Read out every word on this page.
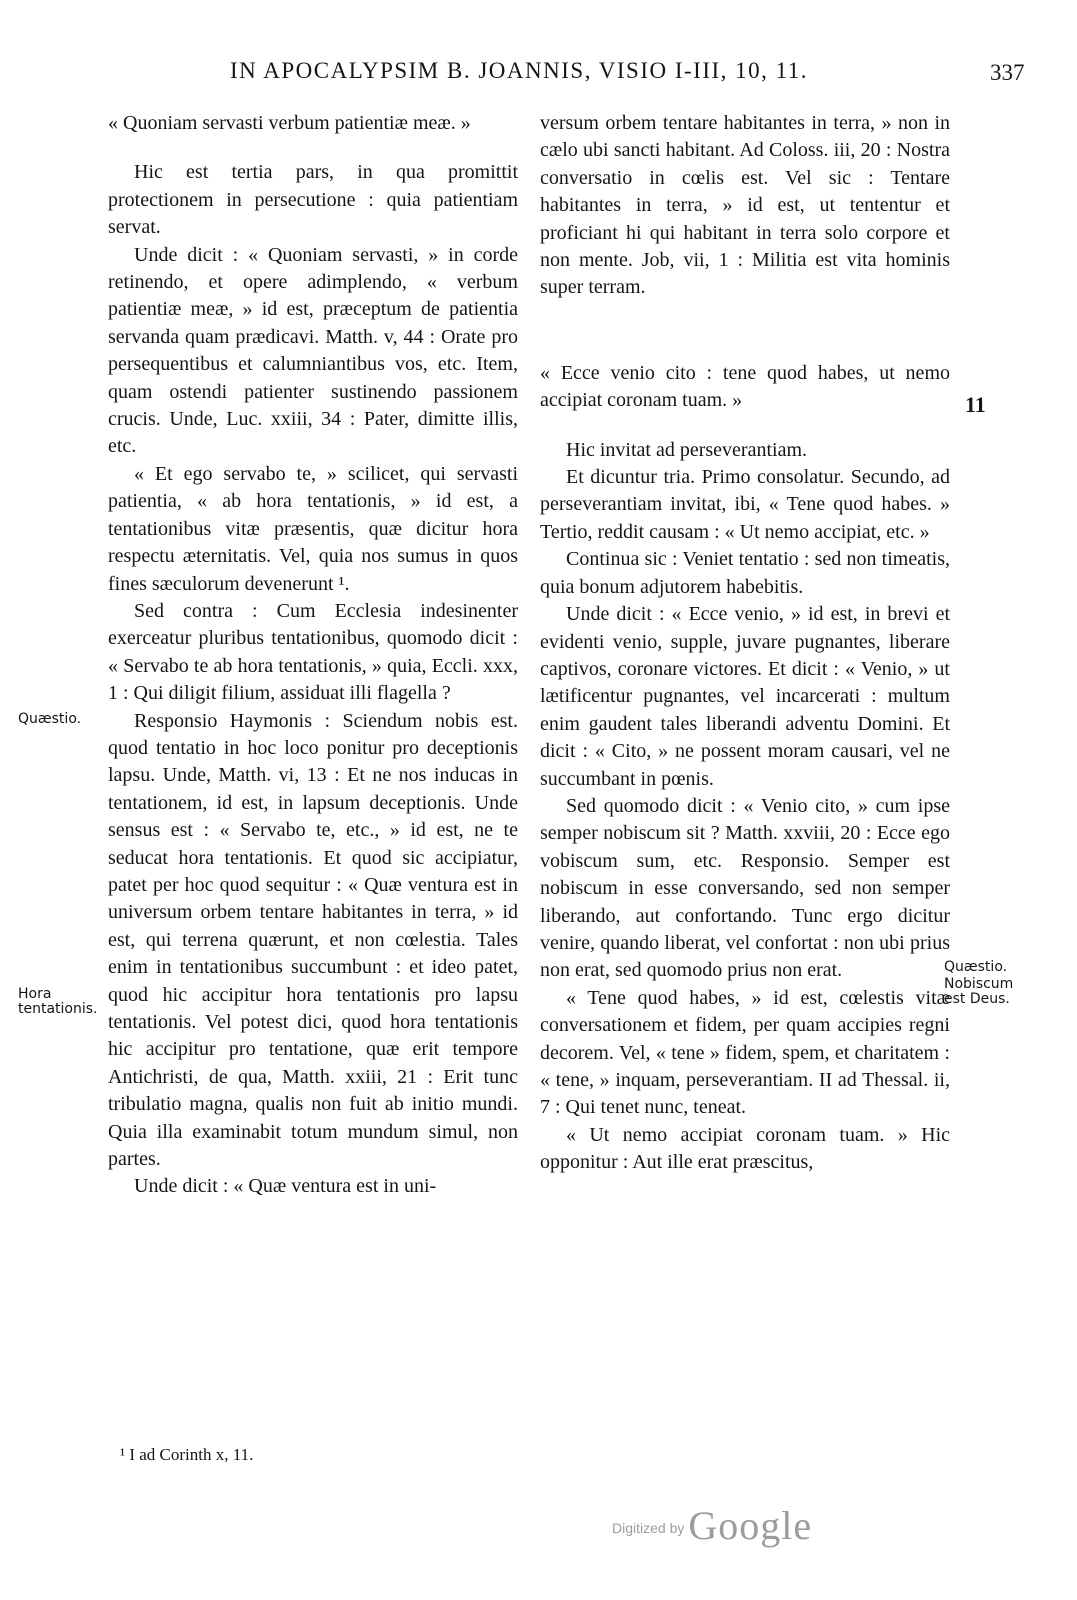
IN APOCALYPSIM B. JOANNIS, VISIO I-III, 10, 11.	337

« Quoniam servasti verbum patientiæ meæ. »

Hic est tertia pars, in qua promittit protectionem in persecutione : quia patientiam servat.

Unde dicit : « Quoniam servasti, » in corde retinendo, et opere adimplendo, « verbum patientiæ meæ, » id est, præceptum de patientia servanda quam prædicavi. Matth. v, 44 : Orate pro persequentibus et calumniantibus vos, etc. Item, quam ostendi patienter sustinendo passionem crucis. Unde, Luc. xxiii, 34 : Pater, dimitte illis, etc.

« Et ego servabo te, » scilicet, qui servasti patientia, « ab hora tentationis, » id est, a tentationibus vitæ præsentis, quæ dicitur hora respectu æternitatis. Vel, quia nos sumus in quos fines sæculorum devenerunt ¹.

Sed contra : Cum Ecclesia indesinenter exerceatur pluribus tentationibus, quomodo dicit : « Servabo te ab hora tentationis, » quia, Eccli. xxx, 1 : Qui diligit filium, assiduat illi flagella ?

Responsio Haymonis : Sciendum nobis est. quod tentatio in hoc loco ponitur pro deceptionis lapsu. Unde, Matth. vi, 13 : Et ne nos inducas in tentationem, id est, in lapsum deceptionis. Unde sensus est : « Servabo te, etc., » id est, ne te seducat hora tentationis. Et quod sic accipiatur, patet per hoc quod sequitur : « Quæ ventura est in universum orbem tentare habitantes in terra, » id est, qui terrena quærunt, et non cœlestia. Tales enim in tentationibus succumbunt : et ideo patet, quod hic accipitur hora tentationis pro lapsu tentationis. Vel potest dici, quod hora tentationis hic accipitur pro tentatione, quæ erit tempore Antichristi, de qua, Matth. xxiii, 21 : Erit tunc tribulatio magna, qualis non fuit ab initio mundi. Quia illa examinabit totum mundum simul, non partes.

Unde dicit : « Quæ ventura est in uni-

versum orbem tentare habitantes in terra, » non in cælo ubi sancti habitant. Ad Coloss. iii, 20 : Nostra conversatio in cœlis est. Vel sic : Tentare habitantes in terra, » id est, ut tententur et proficiant hi qui habitant in terra solo corpore et non mente. Job, vii, 1 : Militia est vita hominis super terram.

« Ecce venio cito : tene quod habes, ut nemo accipiat coronam tuam. »

Hic invitat ad perseverantiam.

Et dicuntur tria. Primo consolatur. Secundo, ad perseverantiam invitat, ibi, « Tene quod habes. » Tertio, reddit causam : « Ut nemo accipiat, etc. »

Continua sic : Veniet tentatio : sed non timeatis, quia bonum adjutorem habebitis.

Unde dicit : « Ecce venio, » id est, in brevi et evidenti venio, supple, juvare pugnantes, liberare captivos, coronare victores. Et dicit : « Venio, » ut lætificentur pugnantes, vel incarcerati : multum enim gaudent tales liberandi adventu Domini. Et dicit : « Cito, » ne possent moram causari, vel ne succumbant in pœnis.

Sed quomodo dicit : « Venio cito, » cum ipse semper nobiscum sit ? Matth. xxviii, 20 : Ecce ego vobiscum sum, etc. Responsio. Semper est nobiscum in esse conversando, sed non semper liberando, aut confortando. Tunc ergo dicitur venire, quando liberat, vel confortat : non ubi prius non erat, sed quomodo prius non erat.

« Tene quod habes, » id est, cœlestis vitæ conversationem et fidem, per quam accipies regni decorem. Vel, « tene » fidem, spem, et charitatem : « tene, » inquam, perseverantiam. II ad Thessal. ii, 7 : Qui tenet nunc, teneat.

« Ut nemo accipiat coronam tuam. » Hic opponitur : Aut ille erat præscitus,

Quæstio.
Hora tentationis.
Quæstio.
Nobiscum est Deus.
11
¹ I ad Corinth x, 11.
Digitized by Google
